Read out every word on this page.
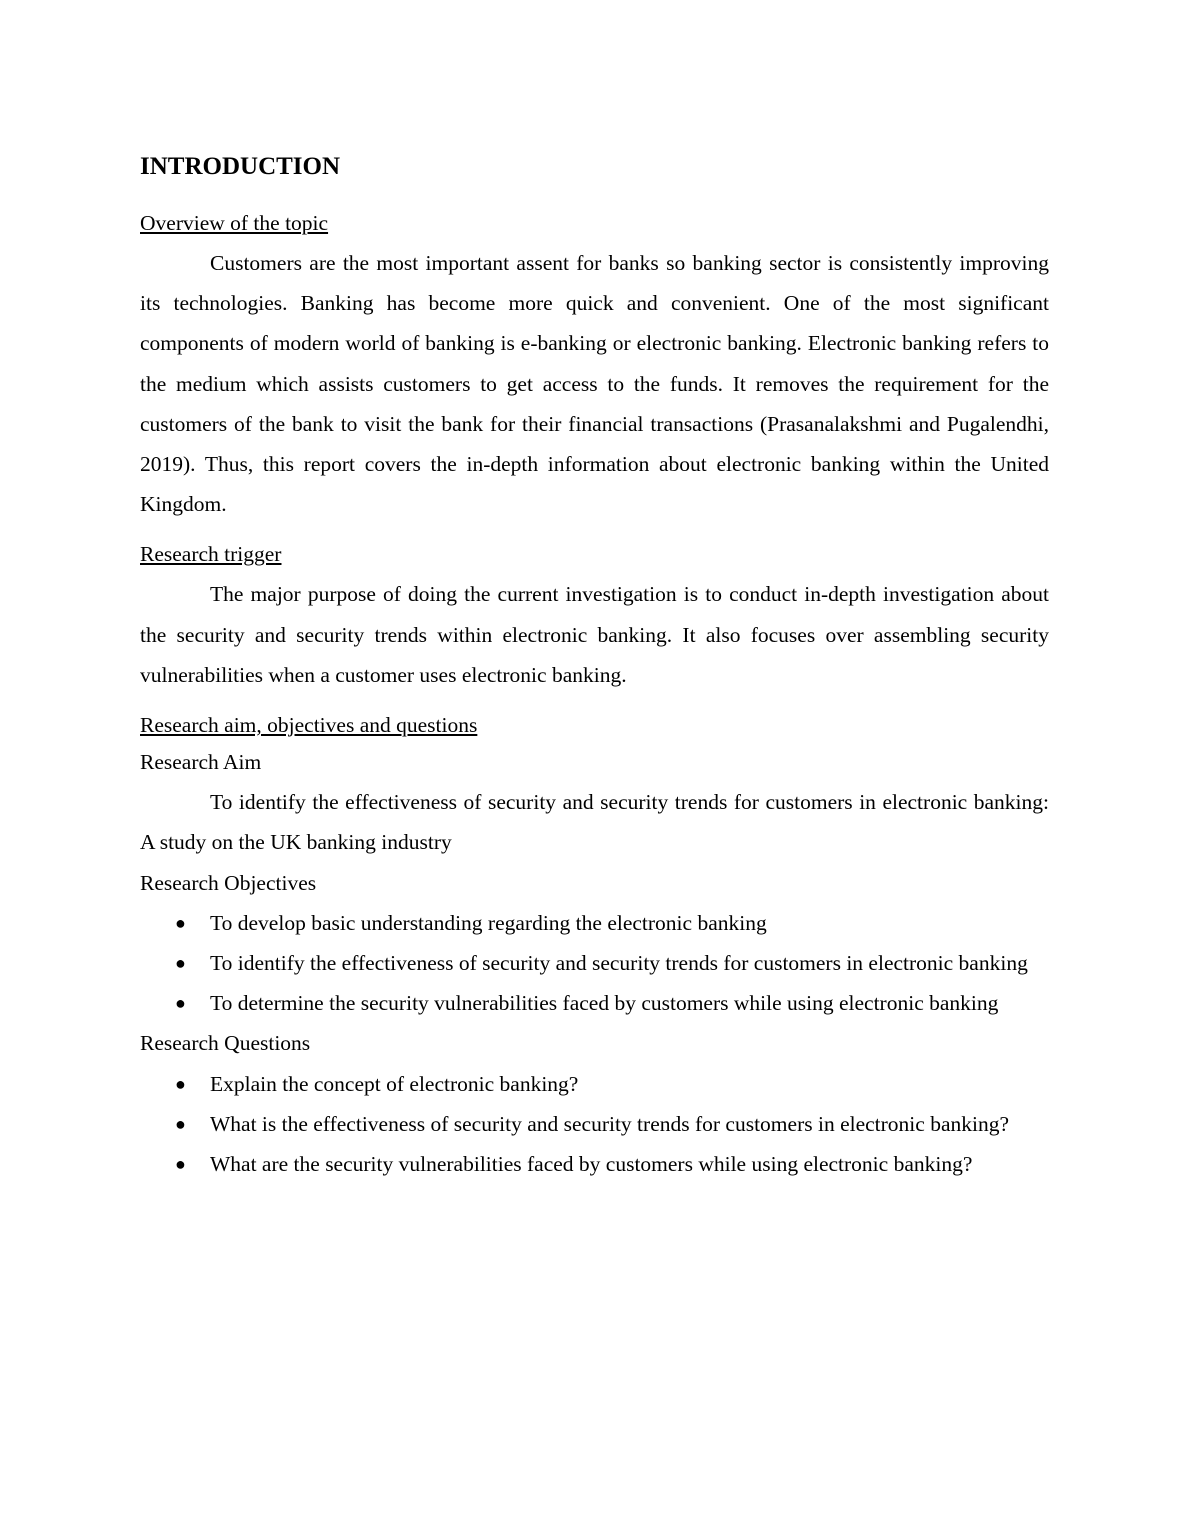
INTRODUCTION
Overview of the topic

Customers are the most important assent for banks so banking sector is consistently improving its technologies. Banking has become more quick and convenient. One of the most significant components of modern world of banking is e-banking or electronic banking. Electronic banking refers to the medium which assists customers to get access to the funds. It removes the requirement for the customers of the bank to visit the bank for their financial transactions (Prasanalakshmi and Pugalendhi, 2019). Thus, this report covers the in-depth information about electronic banking within the United Kingdom.

Research trigger

The major purpose of doing the current investigation is to conduct in-depth investigation about the security and security trends within electronic banking. It also focuses over assembling security vulnerabilities when a customer uses electronic banking.

Research aim, objectives and questions

Research Aim

To identify the effectiveness of security and security trends for customers in electronic banking: A study on the UK banking industry

Research Objectives

● To develop basic understanding regarding the electronic banking
● To identify the effectiveness of security and security trends for customers in electronic banking
● To determine the security vulnerabilities faced by customers while using electronic banking

Research Questions

● Explain the concept of electronic banking?
● What is the effectiveness of security and security trends for customers in electronic banking?
● What are the security vulnerabilities faced by customers while using electronic banking?
